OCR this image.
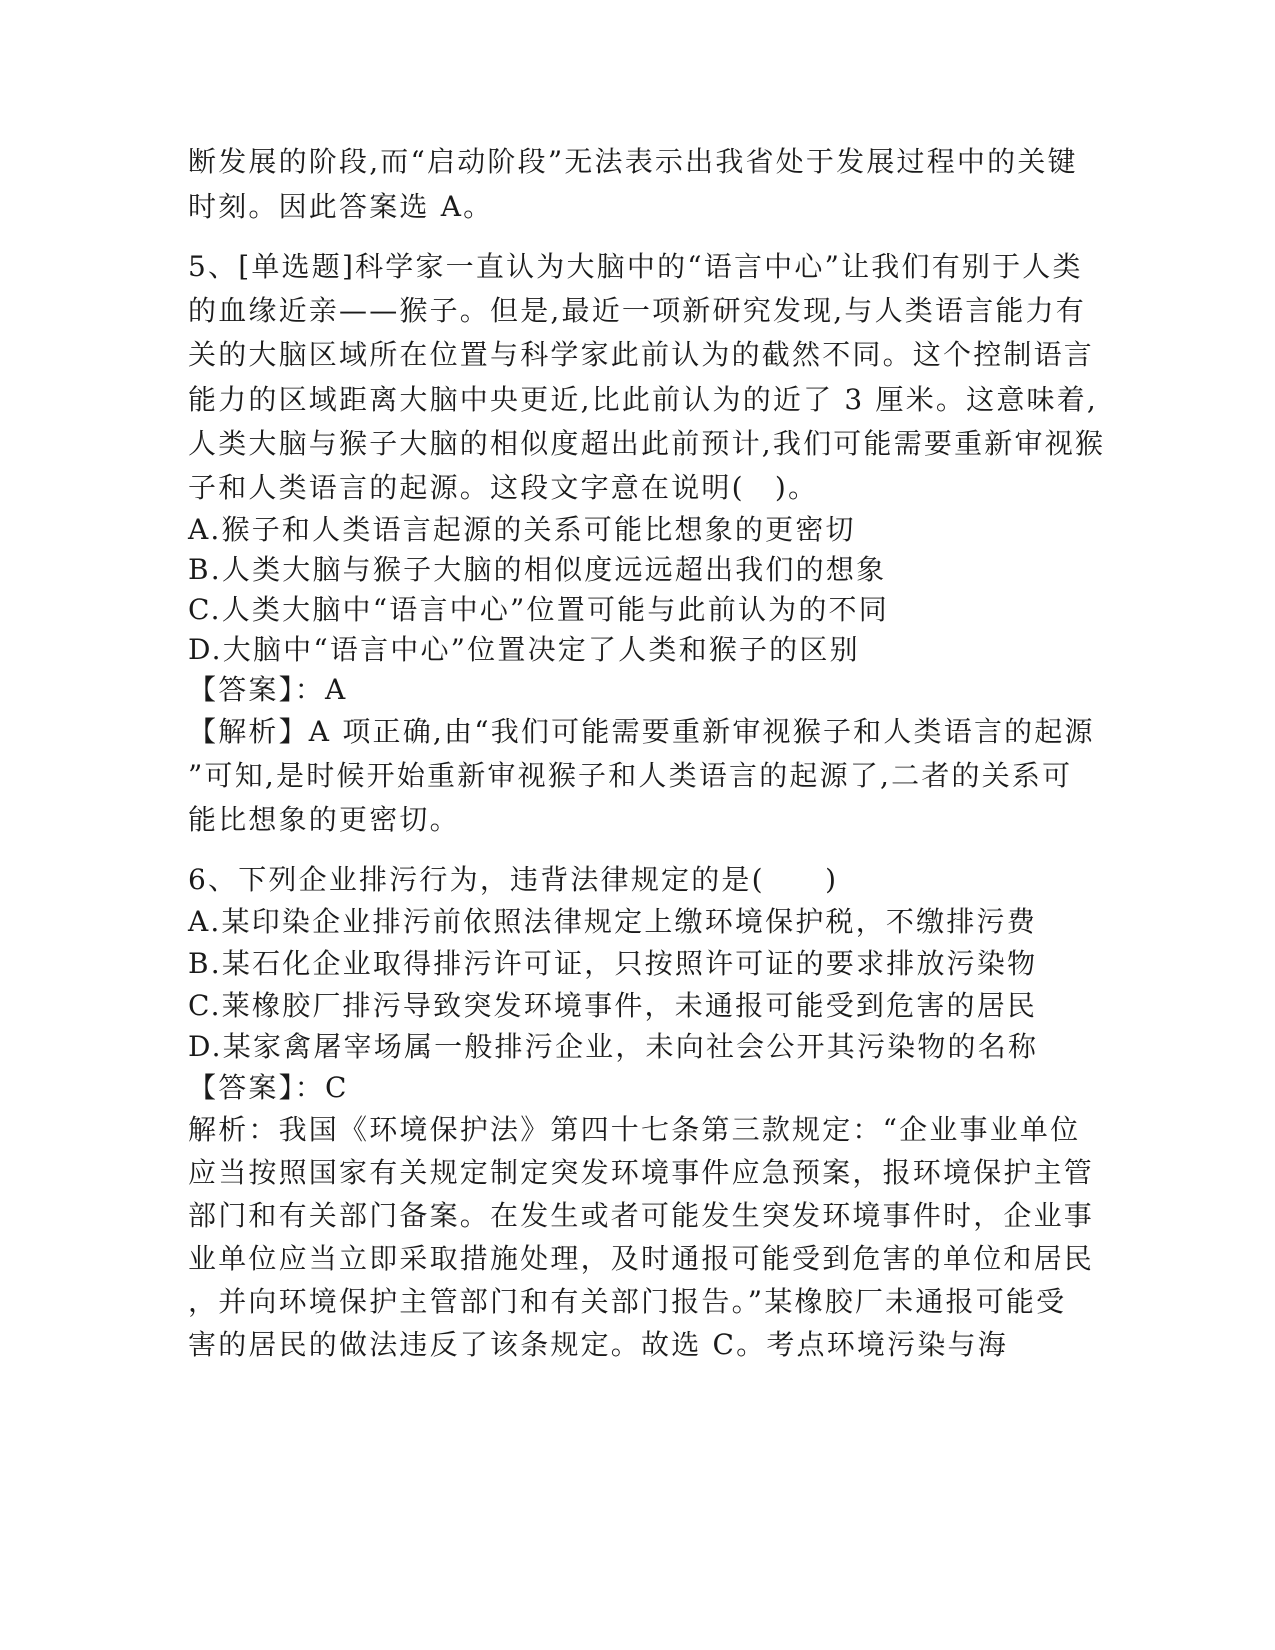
断发展的阶段,而“启动阶段”无法表示出我省处于发展过程中的关键
时刻。因此答案选 A。
5、[单选题]科学家一直认为大脑中的“语言中心”让我们有别于人类
的血缘近亲——猴子。但是,最近一项新研究发现,与人类语言能力有
关的大脑区域所在位置与科学家此前认为的截然不同。这个控制语言
能力的区域距离大脑中央更近,比此前认为的近了 3 厘米。这意味着,
人类大脑与猴子大脑的相似度超出此前预计,我们可能需要重新审视猴
子和人类语言的起源。这段文字意在说明(　)。
A.猴子和人类语言起源的关系可能比想象的更密切
B.人类大脑与猴子大脑的相似度远远超出我们的想象
C.人类大脑中“语言中心”位置可能与此前认为的不同
D.大脑中“语言中心”位置决定了人类和猴子的区别
【答案】：A
【解析】A 项正确,由“我们可能需要重新审视猴子和人类语言的起源
”可知,是时候开始重新审视猴子和人类语言的起源了,二者的关系可
能比想象的更密切。
6、下列企业排污行为，违背法律规定的是(　　)
A.某印染企业排污前依照法律规定上缴环境保护税，不缴排污费
B.某石化企业取得排污许可证，只按照许可证的要求排放污染物
C.莱橡胶厂排污导致突发环境事件，未通报可能受到危害的居民
D.某家禽屠宰场属一般排污企业，未向社会公开其污染物的名称
【答案】：C
解析：我国《环境保护法》第四十七条第三款规定：“企业事业单位
应当按照国家有关规定制定突发环境事件应急预案，报环境保护主管
部门和有关部门备案。在发生或者可能发生突发环境事件时，企业事
业单位应当立即采取措施处理，及时通报可能受到危害的单位和居民
，并向环境保护主管部门和有关部门报告。”某橡胶厂未通报可能受
害的居民的做法违反了该条规定。故选 C。考点环境污染与海
